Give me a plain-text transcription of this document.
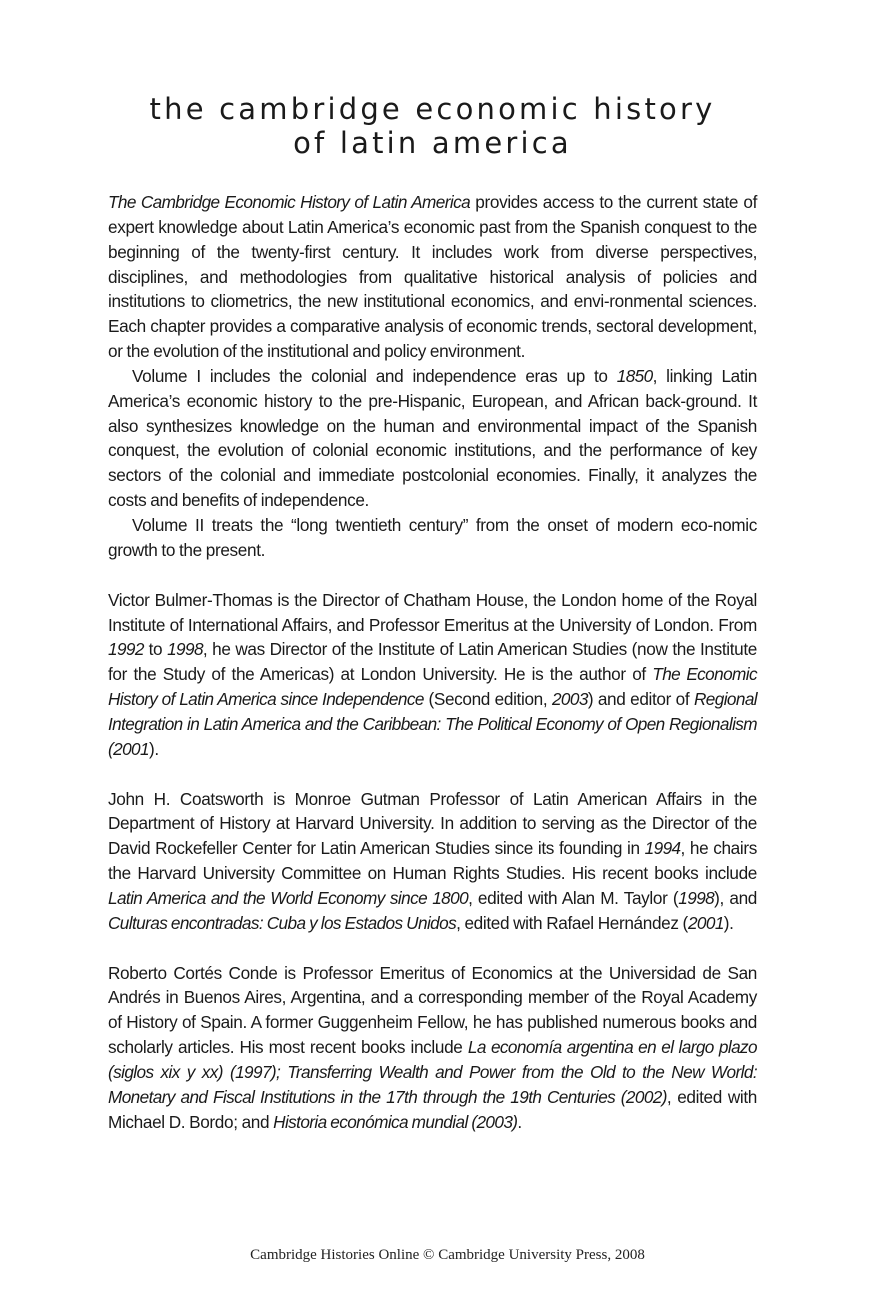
the cambridge economic history
of latin america

The Cambridge Economic History of Latin America provides access to the current state of expert knowledge about Latin America’s economic past from the Spanish conquest to the beginning of the twenty-first century. It includes work from diverse perspectives, disciplines, and methodologies from qualitative historical analysis of policies and institutions to cliometrics, the new institutional economics, and envi-ronmental sciences. Each chapter provides a comparative analysis of economic trends, sectoral development, or the evolution of the institutional and policy environment.

Volume I includes the colonial and independence eras up to 1850, linking Latin America’s economic history to the pre-Hispanic, European, and African back-ground. It also synthesizes knowledge on the human and environmental impact of the Spanish conquest, the evolution of colonial economic institutions, and the performance of key sectors of the colonial and immediate postcolonial economies. Finally, it analyzes the costs and benefits of independence.

Volume II treats the “long twentieth century” from the onset of modern eco-nomic growth to the present.

Victor Bulmer-Thomas is the Director of Chatham House, the London home of the Royal Institute of International Affairs, and Professor Emeritus at the University of London. From 1992 to 1998, he was Director of the Institute of Latin American Studies (now the Institute for the Study of the Americas) at London University. He is the author of The Economic History of Latin America since Independence (Second edition, 2003) and editor of Regional Integration in Latin America and the Caribbean: The Political Economy of Open Regionalism (2001).

John H. Coatsworth is Monroe Gutman Professor of Latin American Affairs in the Department of History at Harvard University. In addition to serving as the Director of the David Rockefeller Center for Latin American Studies since its founding in 1994, he chairs the Harvard University Committee on Human Rights Studies. His recent books include Latin America and the World Economy since 1800, edited with Alan M. Taylor (1998), and Culturas encontradas: Cuba y los Estados Unidos, edited with Rafael Hernández (2001).

Roberto Cortés Conde is Professor Emeritus of Economics at the Universidad de San Andrés in Buenos Aires, Argentina, and a corresponding member of the Royal Academy of History of Spain. A former Guggenheim Fellow, he has published numerous books and scholarly articles. His most recent books include La economía argentina en el largo plazo (siglos xix y xx) (1997); Transferring Wealth and Power from the Old to the New World: Monetary and Fiscal Institutions in the 17th through the 19th Centuries (2002), edited with Michael D. Bordo; and Historia económica mundial (2003).

Cambridge Histories Online © Cambridge University Press, 2008
